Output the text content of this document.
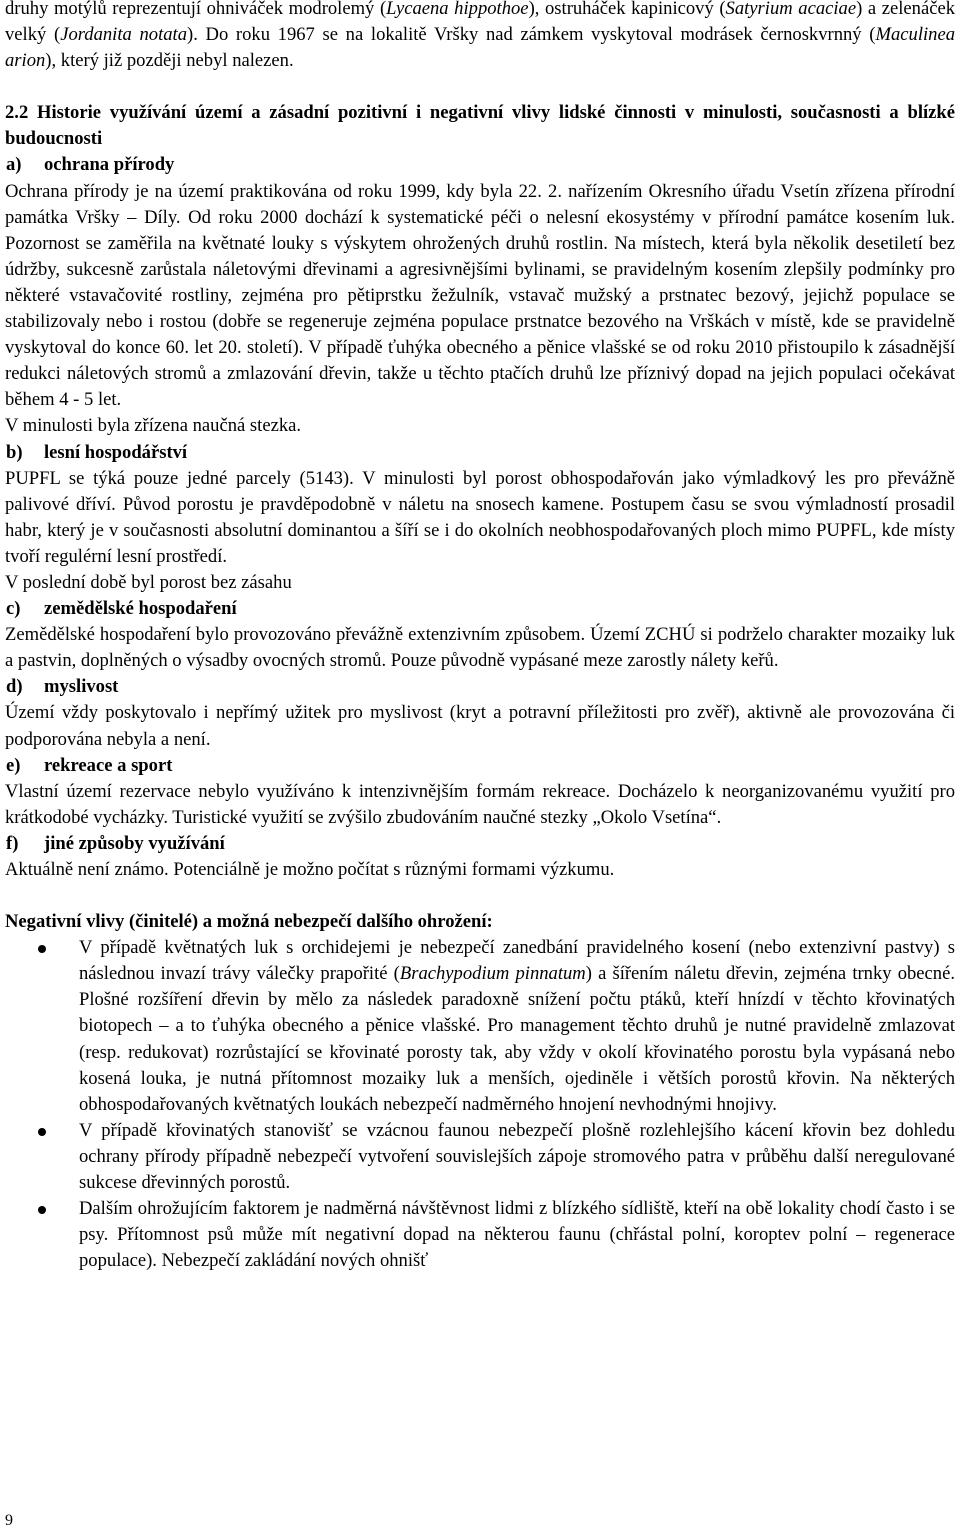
druhy motýlů reprezentují ohniváček modrolemý (Lycaena hippothoe), ostruháček kapinicový (Satyrium acaciae) a zelenáček velký (Jordanita notata). Do roku 1967 se na lokalitě Vršky nad zámkem vyskytoval modrásek černoskvrnný (Maculinea arion), který již později nebyl nalezen.

2.2 Historie využívání území a zásadní pozitivní i negativní vlivy lidské činnosti v minulosti, současnosti a blízké budoucnosti

a) ochrana přírody

Ochrana přírody je na území praktikována od roku 1999, kdy byla 22. 2. nařízením Okresního úřadu Vsetín zřízena přírodní památka Vršky – Díly. Od roku 2000 dochází k systematické péči o nelesní ekosystémy v přírodní památce kosením luk. Pozornost se zaměřila na květnaté louky s výskytem ohrožených druhů rostlin. Na místech, která byla několik desetiletí bez údržby, sukcesně zarůstala náletovými dřevinami a agresivnějšími bylinami, se pravidelným kosením zlepšily podmínky pro některé vstavačovité rostliny, zejména pro pětiprstku žežulník, vstavač mužský a prstnatec bezový, jejichž populace se stabilizovaly nebo i rostou (dobře se regeneruje zejména populace prstnatce bezového na Vrškách v místě, kde se pravidelně vyskytoval do konce 60. let 20. století). V případě ťuhýka obecného a pěnice vlašské se od roku 2010 přistoupilo k zásadnější redukci náletových stromů a zmlazování dřevin, takže u těchto ptačích druhů lze příznivý dopad na jejich populaci očekávat během 4 - 5 let.

V minulosti byla zřízena naučná stezka.

b) lesní hospodářství

PUPFL se týká pouze jedné parcely (5143). V minulosti byl porost obhospodařován jako výmladkový les pro převážně palivové dříví. Původ porostu je pravděpodobně v náletu na snosech kamene. Postupem času se svou výmladností prosadil habr, který je v současnosti absolutní dominantou a šíří se i do okolních neobhospodařovaných ploch mimo PUPFL, kde místy tvoří regulérní lesní prostředí.

V poslední době byl porost bez zásahu

c) zemědělské hospodaření

Zemědělské hospodaření bylo provozováno převážně extenzivním způsobem. Území ZCHÚ si podrželo charakter mozaiky luk a pastvin, doplněných o výsadby ovocných stromů. Pouze původně vypásané meze zarostly nálety keřů.

d) myslivost

Území vždy poskytovalo i nepřímý užitek pro myslivost (kryt a potravní příležitosti pro zvěř), aktivně ale provozována či podporována nebyla a není.

e) rekreace a sport

Vlastní území rezervace nebylo využíváno k intenzivnějším formám rekreace. Docházelo k neorganizovanému využití pro krátkodobé vycházky. Turistické využití se zvýšilo zbudováním naučné stezky „Okolo Vsetína“.

f) jiné způsoby využívání

Aktuálně není známo. Potenciálně je možno počítat s různými formami výzkumu.

Negativní vlivy (činitelé) a možná nebezpečí dalšího ohrožení:

V případě květnatých luk s orchidejemi je nebezpečí zanedbání pravidelného kosení (nebo extenzivní pastvy) s následnou invazí trávy válečky prapořité (Brachypodium pinnatum) a šířením náletu dřevin, zejména trnky obecné. Plošné rozšíření dřevin by mělo za následek paradoxně snížení počtu ptáků, kteří hnízdí v těchto křovinatých biotopech – a to ťuhýka obecného a pěnice vlašské. Pro management těchto druhů je nutné pravidelně zmlazovat (resp. redukovat) rozrůstající se křovinaté porosty tak, aby vždy v okolí křovinatého porostu byla vypásaná nebo kosená louka, je nutná přítomnost mozaiky luk a menších, ojediněle i větších porostů křovin. Na některých obhospodařovaných květnatých loukách nebezpečí nadměrného hnojení nevhodnými hnojivy.
V případě křovinatých stanovišť se vzácnou faunou nebezpečí plošně rozlehlejšího kácení křovin bez dohledu ochrany přírody případně nebezpečí vytvoření souvislejších zápoje stromového patra v průběhu další neregulované sukcese dřevinných porostů.
Dalším ohrožujícím faktorem je nadměrná návštěvnost lidmi z blízkého sídliště, kteří na obě lokality chodí často i se psy. Přítomnost psů může mít negativní dopad na některou faunu (chřástal polní, koroptev polní – regenerace populace). Nebezpečí zakládání nových ohnišť
9
